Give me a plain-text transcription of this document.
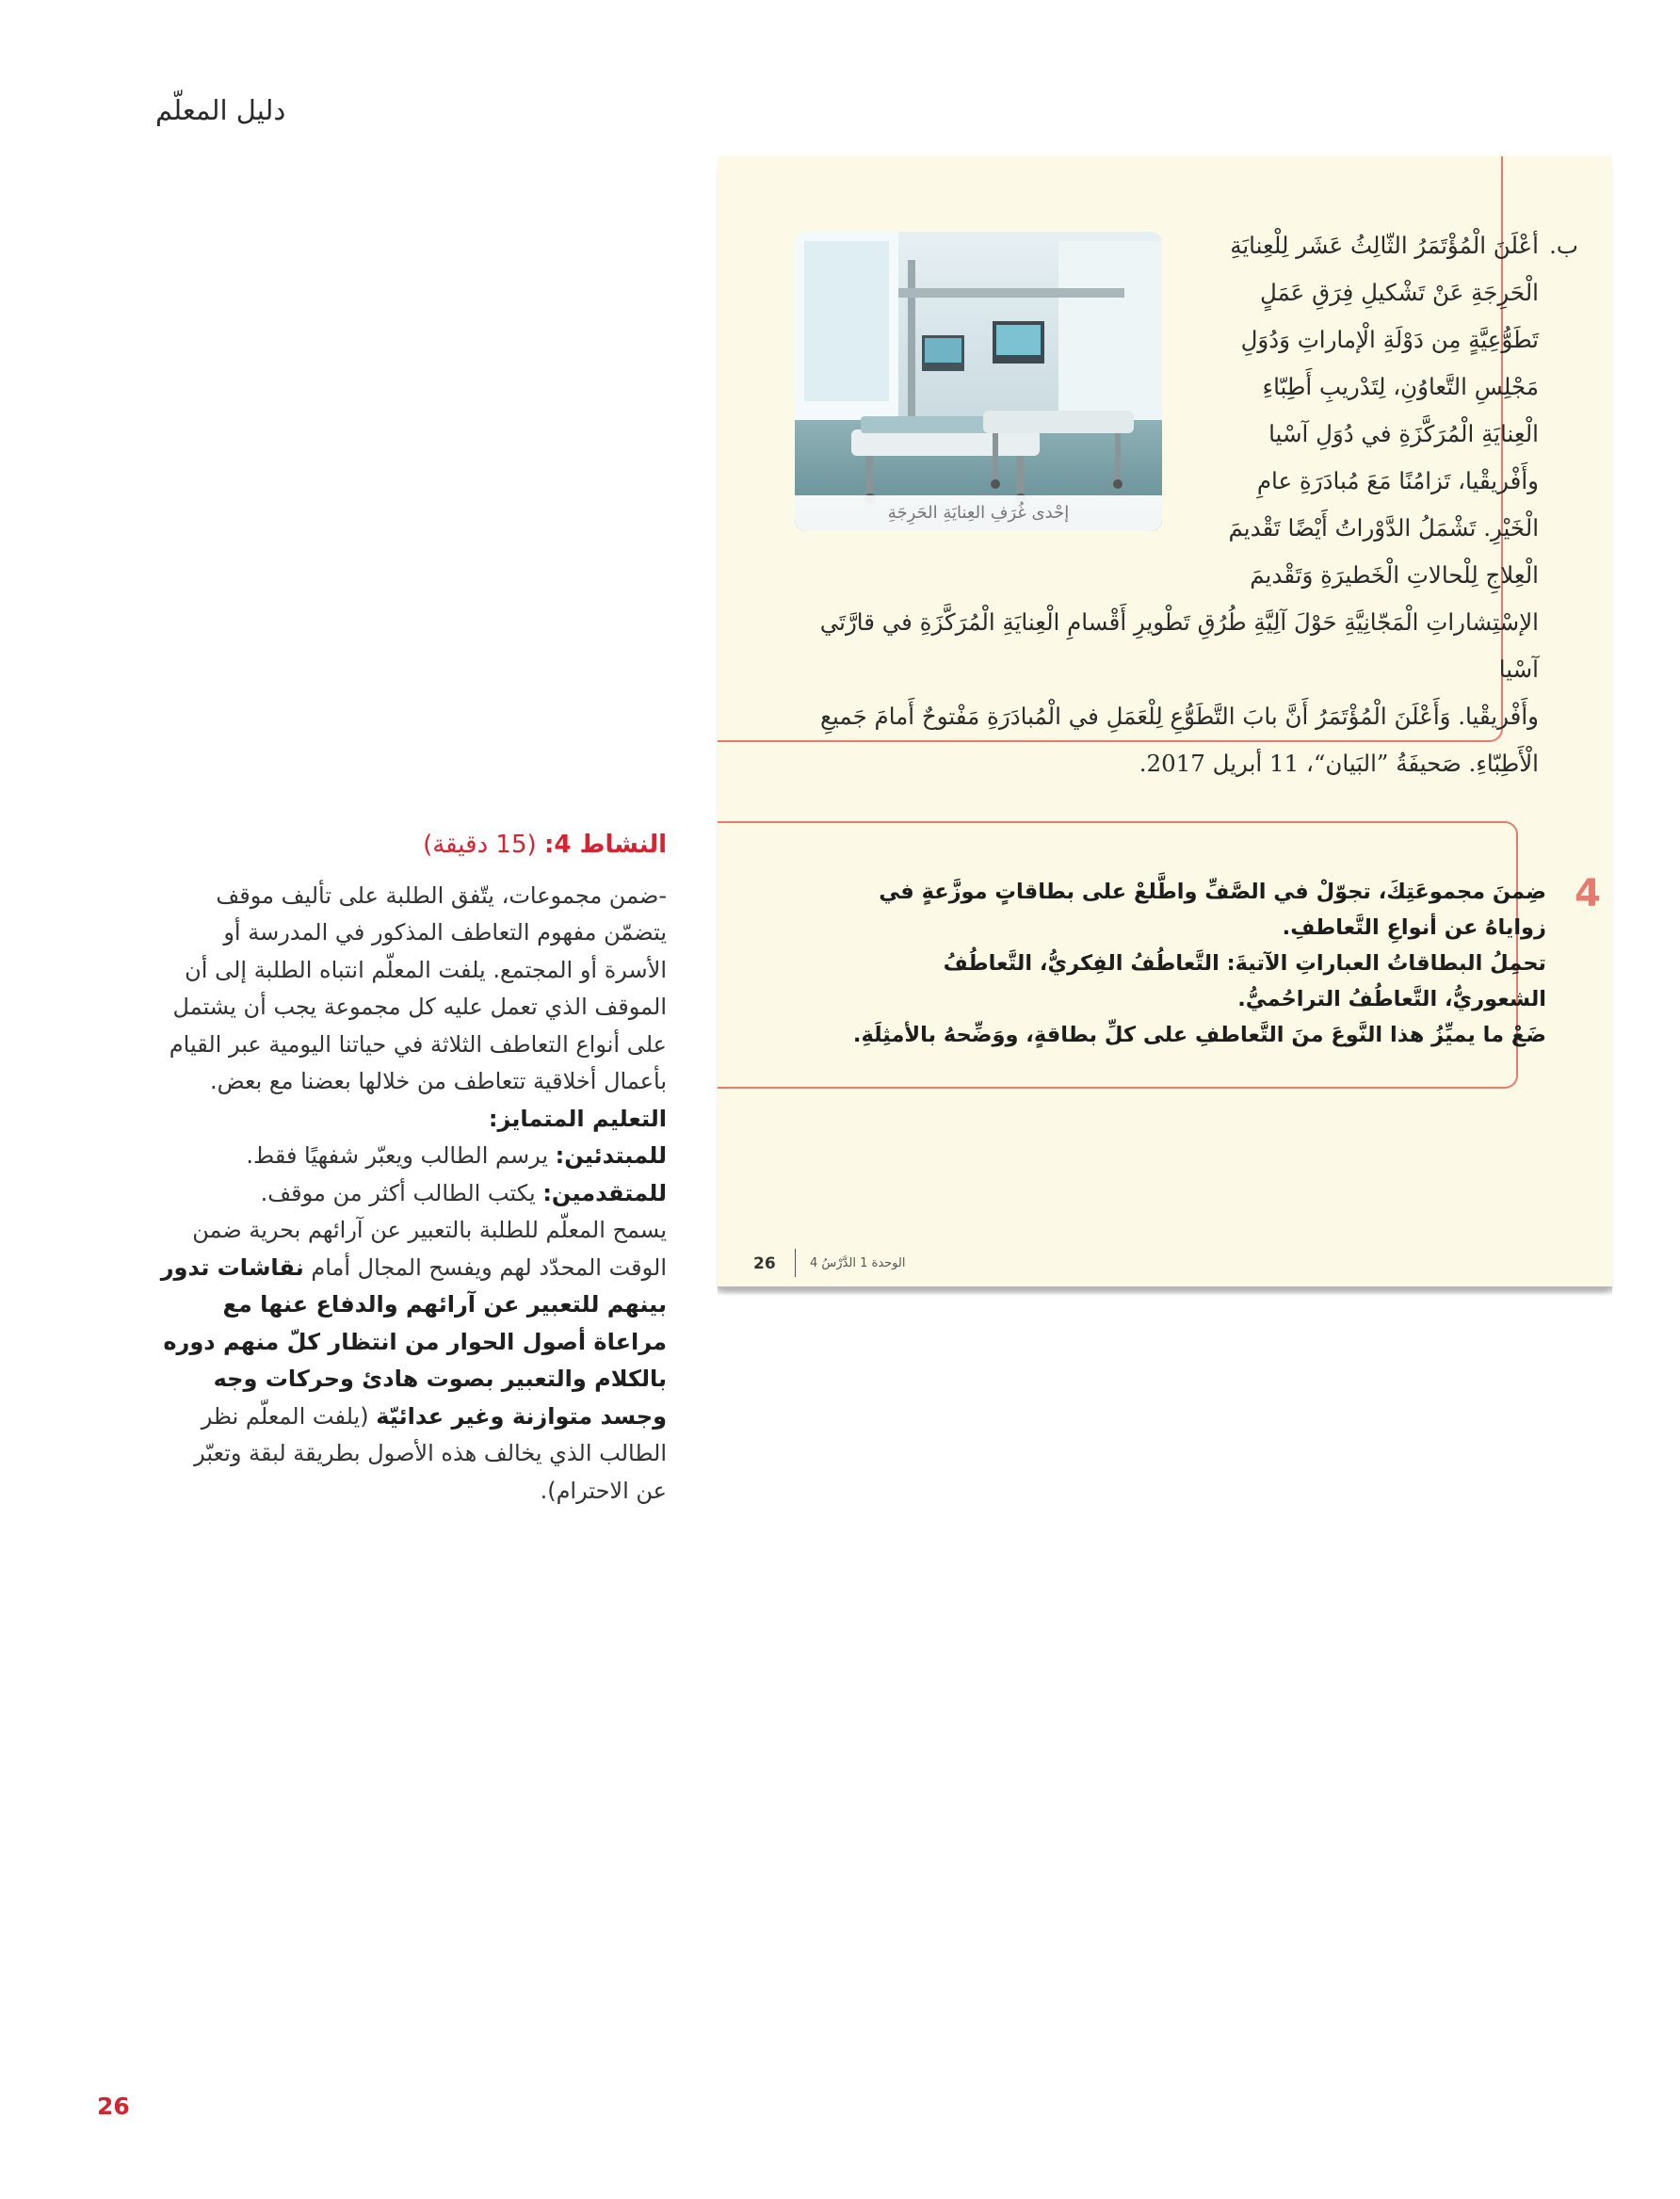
دليل المعلّم
إحْدى غُرَفِ العِنايَةِ الحَرِجَةِ
ب.
أعْلَنَ الْمُؤْتَمَرُ الثّالِثُ عَشَر لِلْعِنايَةِ
الْحَرِجَةِ عَنْ تَشْكيلِ فِرَقِ عَمَلٍ
تَطَوُّعِيَّةٍ مِن دَوْلَةِ الْإماراتِ وَدُوَلِ
مَجْلِسِ التَّعاوُنِ، لِتَدْريبِ أَطِبّاءِ
الْعِنايَةِ الْمُرَكَّزَةِ في دُوَلِ آسْيا
وأَفْريقْيا، تَزامُنًا مَعَ مُبادَرَةِ عامِ
الْخَيْرِ. تَشْمَلُ الدَّوْراتُ أَيْضًا تَقْديمَ
الْعِلاجِ لِلْحالاتِ الْخَطيرَةِ وَتَقْديمَ
الإسْتِشاراتِ الْمَجّانِيَّةِ حَوْلَ آلِيَّةِ طُرُقِ تَطْويرِ أَقْسامِ الْعِنايَةِ الْمُرَكَّزَةِ في قارَّتَي آسْيا
وأَفْريقْيا. وَأَعْلَنَ الْمُؤْتَمَرُ أَنَّ بابَ التَّطَوُّعِ لِلْعَمَلِ في الْمُبادَرَةِ مَفْتوحٌ أَمامَ جَميعِ
الْأَطِبّاءِ. صَحيفَةُ ”البَيان“، 11 أبريل 2017.
4

ضِمنَ مجموعَتِكَ، تجوّلْ في الصَّفِّ واطَّلعْ على بطاقاتٍ موزَّعةٍ في زواياهُ عن أنواعِ التَّعاطفِ.

تحمِلُ البطاقاتُ العباراتِ الآتيةَ: التَّعاطُفُ الفِكريُّ، التَّعاطُفُ الشعوريُّ، التَّعاطُفُ التراحُميُّ.

ضَعْ ما يميِّزُ هذا النَّوعَ منَ التَّعاطفِ على كلِّ بطاقةٍ، ووَضِّحهُ بالأمثِلَةِ.

26	الوحدة 1 الدَّرْسُ 4

النشاط 4: (15 دقيقة)

-ضمن مجموعات، يتّفق الطلبة على تأليف موقف يتضمّن مفهوم التعاطف المذكور في المدرسة أو الأسرة أو المجتمع. يلفت المعلّم انتباه الطلبة إلى أن الموقف الذي تعمل عليه كل مجموعة يجب أن يشتمل على أنواع التعاطف الثلاثة في حياتنا اليومية عبر القيام بأعمال أخلاقية تتعاطف من خلالها بعضنا مع بعض.

التعليم المتمايز:

للمبتدئين: يرسم الطالب ويعبّر شفهيًا فقط.

للمتقدمين: يكتب الطالب أكثر من موقف.

يسمح المعلّم للطلبة بالتعبير عن آرائهم بحرية ضمن الوقت المحدّد لهم ويفسح المجال أمام نقاشات تدور بينهم للتعبير عن آرائهم والدفاع عنها مع مراعاة أصول الحوار من انتظار كلّ منهم دوره بالكلام والتعبير بصوت هادئ وحركات وجه وجسد متوازنة وغير عدائيّة (يلفت المعلّم نظر الطالب الذي يخالف هذه الأصول بطريقة لبقة وتعبّر عن الاحترام).

26
